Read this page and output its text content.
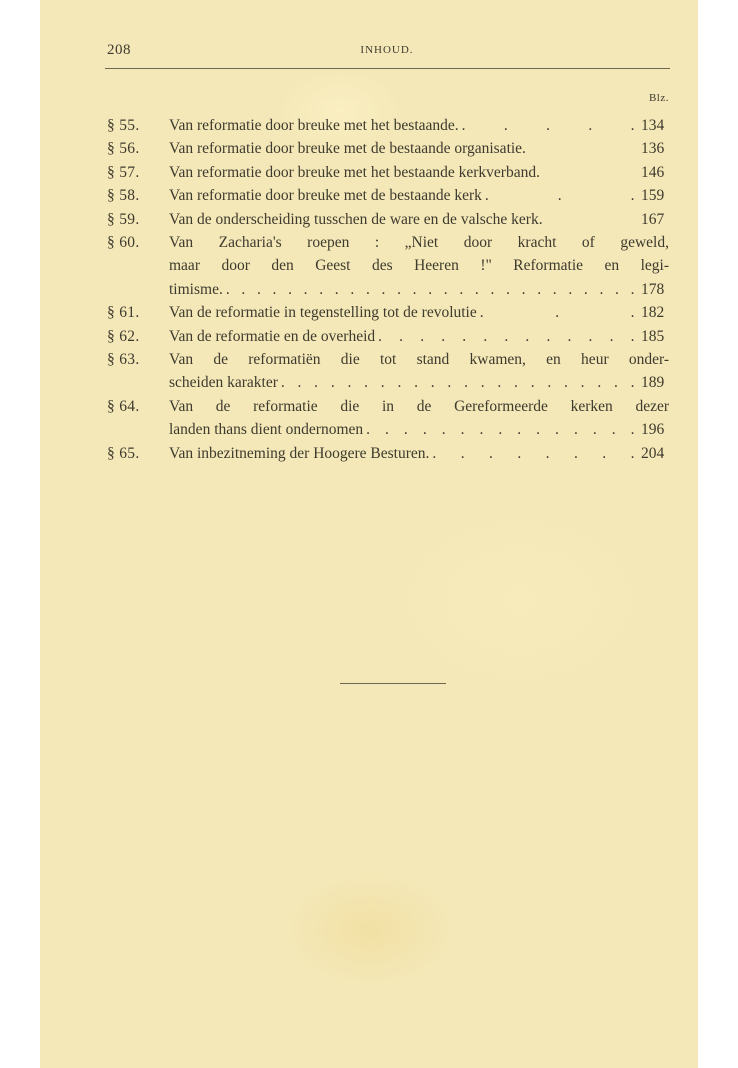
208	INHOUD.
Blz.
§ 55.	Van reformatie door breuke met het bestaande. . . . . . 134
§ 56.	Van reformatie door breuke met de bestaande organisatie.	136
§ 57.	Van reformatie door breuke met het bestaande kerkverband.	146
§ 58.	Van reformatie door breuke met de bestaande kerk . . . 159
§ 59.	Van de onderscheiding tusschen de ware en de valsche kerk.	167
§ 60.	Van Zacharia's roepen : „Niet door kracht of geweld,
maar door den Geest des Heeren !" Reformatie en legi-
timisme. . . . . . . . . . . . . . . . . . . . . . . . . . . . 178
§ 61.	Van de reformatie in tegenstelling tot de revolutie . . . 182
§ 62.	Van de reformatie en de overheid . . . . . . . . . . . . . 185
§ 63.	Van de reformatiën die tot stand kwamen, en heur onder-
scheiden karakter . . . . . . . . . . . . . . . . . . . . . . 189
§ 64.	Van de reformatie die in de Gereformeerde kerken dezer
landen thans dient ondernomen . . . . . . . . . . . . . . . 196
§ 65.	Van inbezitneming der Hoogere Besturen. . . . . . . . . 204
